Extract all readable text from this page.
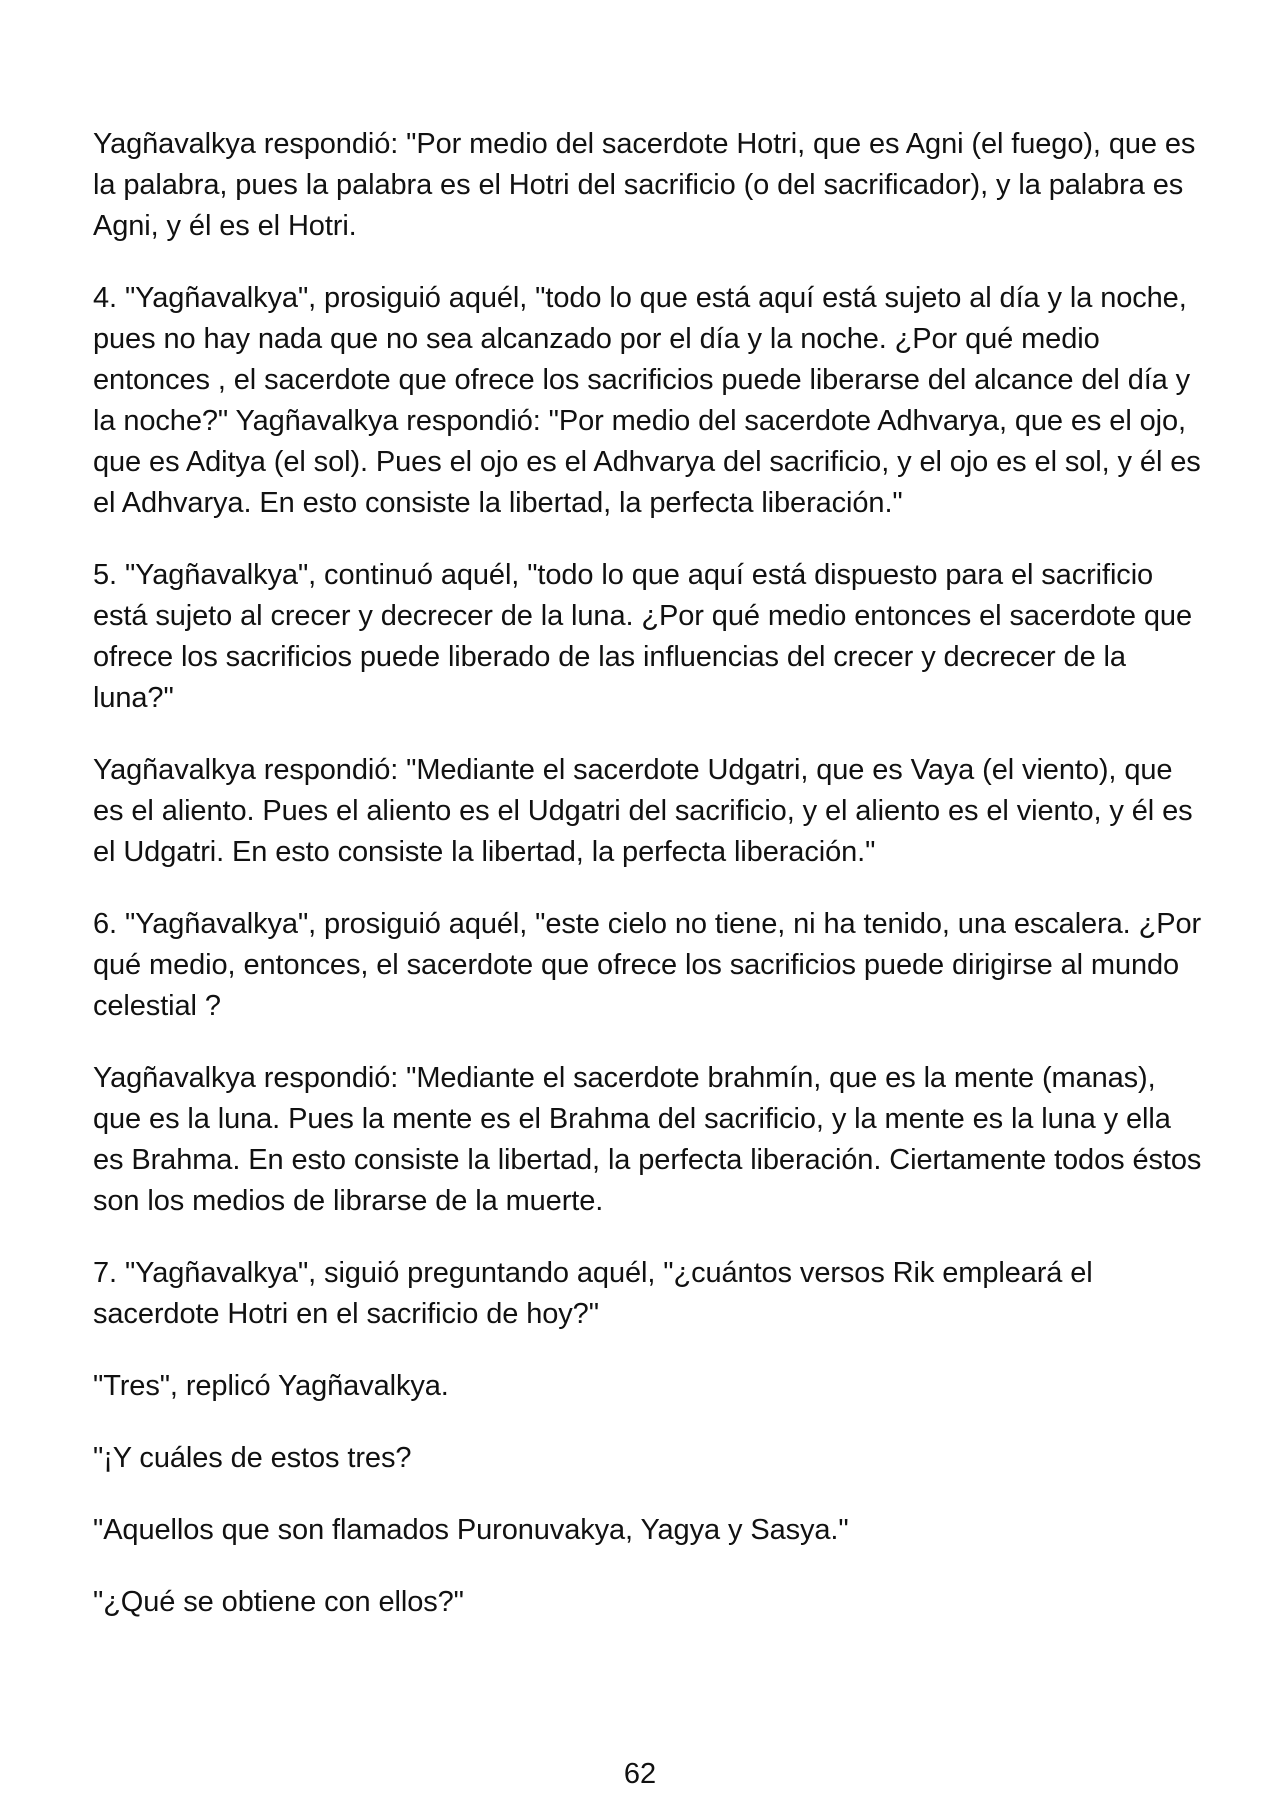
Yagñavalkya respondió: "Por medio del sacerdote Hotri, que es Agni (el fuego), que es la palabra, pues la palabra es el Hotri del sacrificio (o del sacrificador), y la palabra es Agni, y él es el Hotri.

4. "Yagñavalkya", prosiguió aquél, "todo lo que está aquí está sujeto al día y la noche, pues no hay nada que no sea alcanzado por el día y la noche. ¿Por qué medio entonces , el sacerdote que ofrece los sacrificios puede liberarse del alcance del día y la noche?" Yagñavalkya respondió: "Por medio del sacerdote Adhvarya, que es el ojo, que es Aditya (el sol). Pues el ojo es el Adhvarya del sacrificio, y el ojo es el sol, y él es el Adhvarya. En esto consiste la libertad, la perfecta liberación."

5. "Yagñavalkya", continuó aquél, "todo lo que aquí está dispuesto para el sacrificio está sujeto al crecer y decrecer de la luna. ¿Por qué medio entonces el sacerdote que ofrece los sacrificios puede liberado de las influencias del crecer y decrecer de la luna?"

Yagñavalkya respondió: "Mediante el sacerdote Udgatri, que es Vaya (el viento), que es el aliento. Pues el aliento es el Udgatri del sacrificio, y el aliento es el viento, y él es el Udgatri. En esto consiste la libertad, la perfecta liberación."

6. "Yagñavalkya", prosiguió aquél, "este cielo no tiene, ni ha tenido, una escalera. ¿Por qué medio, entonces, el sacerdote que ofrece los sacrificios puede dirigirse al mundo celestial ?

Yagñavalkya respondió: "Mediante el sacerdote brahmín, que es la mente (manas), que es la luna. Pues la mente es el Brahma del sacrificio, y la mente es la luna y ella es Brahma. En esto consiste la libertad, la perfecta liberación. Ciertamente todos éstos son los medios de librarse de la muerte.

7. "Yagñavalkya", siguió preguntando aquél, "¿cuántos versos Rik empleará el sacerdote Hotri en el sacrificio de hoy?"

"Tres", replicó Yagñavalkya.

"¡Y cuáles de estos tres?

"Aquellos que son flamados Puronuvakya, Yagya y Sasya."

"¿Qué se obtiene con ellos?"

62
